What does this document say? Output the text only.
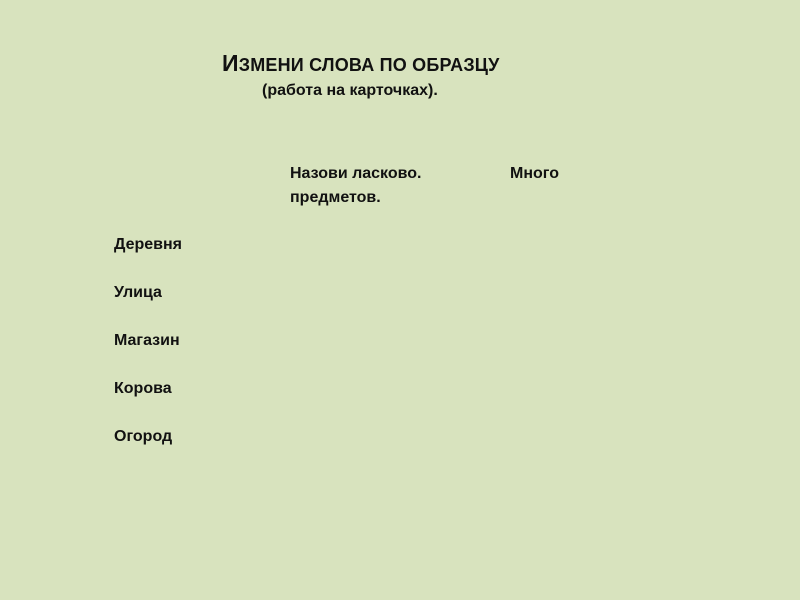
ИЗМЕНИ СЛОВА ПО ОБРАЗЦУ
(работа на карточках).
Назови ласково.	Много
предметов.
Деревня
Улица
Магазин
Корова
Огород
